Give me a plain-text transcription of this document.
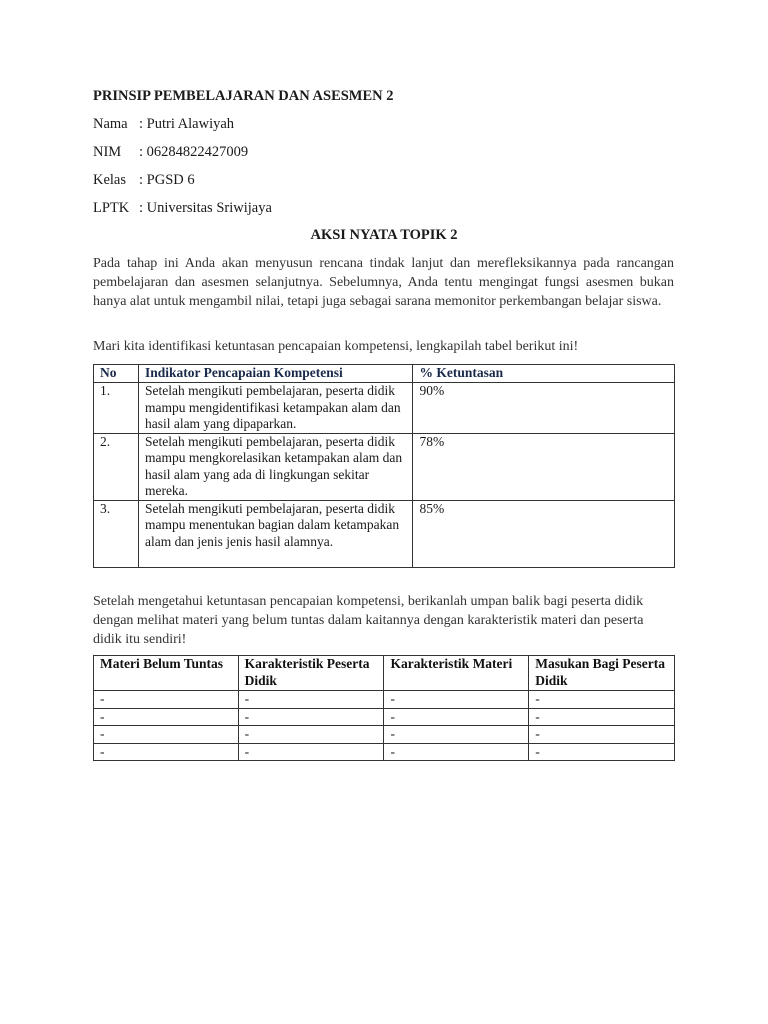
PRINSIP PEMBELAJARAN DAN ASESMEN 2
Nama : Putri Alawiyah
NIM : 06284822427009
Kelas : PGSD 6
LPTK : Universitas Sriwijaya
AKSI NYATA TOPIK 2
Pada tahap ini Anda akan menyusun rencana tindak lanjut dan merefleksikannya pada rancangan pembelajaran dan asesmen selanjutnya. Sebelumnya, Anda tentu mengingat fungsi asesmen bukan hanya alat untuk mengambil nilai, tetapi juga sebagai sarana memonitor perkembangan belajar siswa.
Mari kita identifikasi ketuntasan pencapaian kompetensi, lengkapilah tabel berikut ini!
No	Indikator Pencapaian Kompetensi	% Ketuntasan
1.	Setelah mengikuti pembelajaran, peserta didik mampu mengidentifikasi ketampakan alam dan hasil alam yang dipaparkan.	90%
2.	Setelah mengikuti pembelajaran, peserta didik mampu mengkorelasikan ketampakan alam dan hasil alam yang ada di lingkungan sekitar mereka.	78%
3.	Setelah mengikuti pembelajaran, peserta didik mampu menentukan bagian dalam ketampakan alam dan jenis jenis hasil alamnya.	85%
Setelah mengetahui ketuntasan pencapaian kompetensi, berikanlah umpan balik bagi peserta didik dengan melihat materi yang belum tuntas dalam kaitannya dengan karakteristik materi dan peserta didik itu sendiri!
Materi Belum Tuntas	Karakteristik Peserta Didik	Karakteristik Materi	Masukan Bagi Peserta Didik
-	-	-	-
-	-	-	-
-	-	-	-
-	-	-	-
